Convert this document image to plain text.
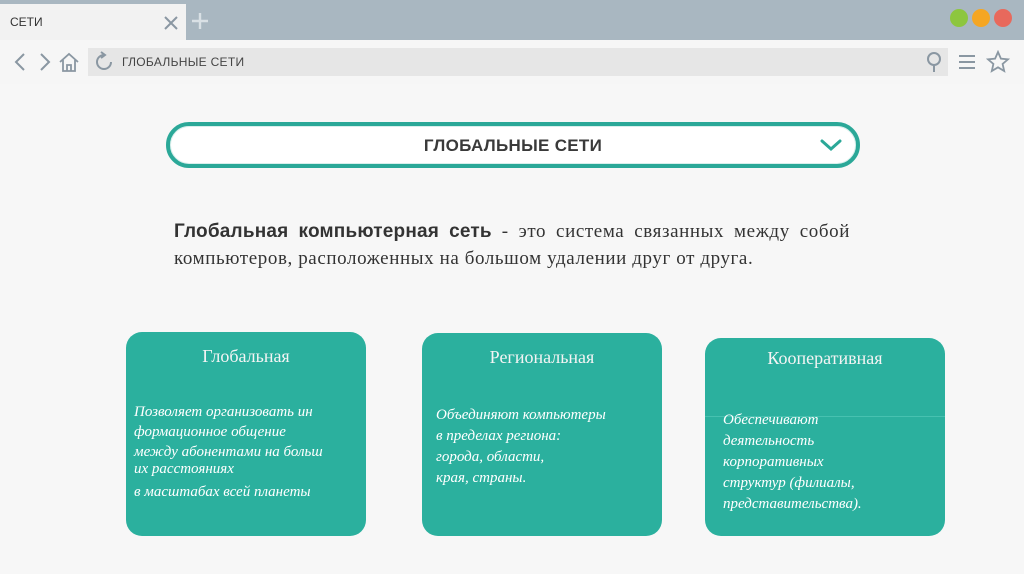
СЕТИ
ГЛОБАЛЬНЫЕ СЕТИ
ГЛОБАЛЬНЫЕ СЕТИ
Глобальная компьютерная сеть - это система связанных между собой компьютеров, расположенных на большом удалении друг от друга.
Глобальная
Позволяет организовать ин
формационное общение
между абонентами на больш
их расстояниях
в масштабах всей планеты
Региональная
Объединяют компьютеры
в пределах региона:
города, области,
края, страны.
Кооперативная
Обеспечивают
деятельность
корпоративных
структур (филиалы,
представительства).
